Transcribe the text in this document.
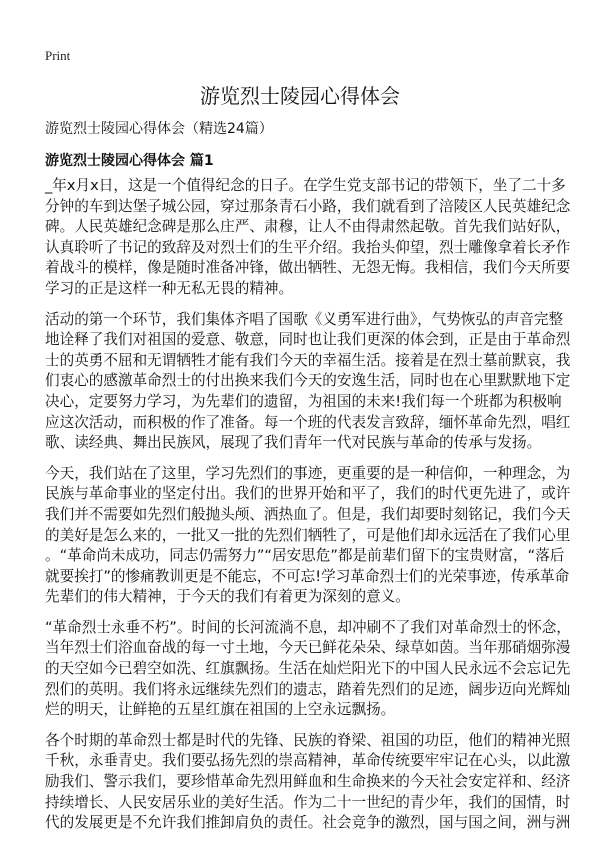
Print
游览烈士陵园心得体会
游览烈士陵园心得体会（精选24篇）
游览烈士陵园心得体会 篇1
_年x月x日，这是一个值得纪念的日子。在学生党支部书记的带领下，坐了二十多
分钟的车到达堡子城公园，穿过那条青石小路，我们就看到了涪陵区人民英雄纪念
碑。人民英雄纪念碑是那么庄严、肃穆，让人不由得肃然起敬。首先我们站好队，
认真聆听了书记的致辞及对烈士们的生平介绍。我抬头仰望，烈士雕像拿着长矛作
着战斗的模样，像是随时准备冲锋，做出牺牲、无怨无悔。我相信，我们今天所要
学习的正是这样一种无私无畏的精神。
活动的第一个环节，我们集体齐唱了国歌《义勇军进行曲》，气势恢弘的声音完整
地诠释了我们对祖国的爱意、敬意，同时也让我们更深的体会到，正是由于革命烈
士的英勇不屈和无谓牺牲才能有我们今天的幸福生活。接着是在烈士墓前默哀，我
们衷心的感激革命烈士的付出换来我们今天的安逸生活，同时也在心里默默地下定
决心，定要努力学习，为先辈们的遗留，为祖国的未来!我们每一个班都为积极响
应这次活动，而积极的作了准备。每一个班的代表发言致辞，缅怀革命先烈，唱红
歌、读经典、舞出民族风，展现了我们青年一代对民族与革命的传承与发扬。
今天，我们站在了这里，学习先烈们的事迹，更重要的是一种信仰，一种理念，为
民族与革命事业的坚定付出。我们的世界开始和平了，我们的时代更先进了，或许
我们并不需要如先烈们般抛头颅、洒热血了。但是，我们却要时刻铭记，我们今天
的美好是怎么来的，一批又一批的先烈们牺牲了，可是他们却永远活在了我们心里
。“革命尚未成功，同志仍需努力”“居安思危”都是前辈们留下的宝贵财富，“落后
就要挨打”的惨痛教训更是不能忘，不可忘!学习革命烈士们的光荣事迹，传承革命
先辈们的伟大精神，于今天的我们有着更为深刻的意义。
“革命烈士永垂不朽”。时间的长河流淌不息，却冲刷不了我们对革命烈士的怀念，
当年烈士们浴血奋战的每一寸土地，今天已鲜花朵朵、绿草如茵。当年那硝烟弥漫
的天空如今已碧空如洗、红旗飘扬。生活在灿烂阳光下的中国人民永远不会忘记先
烈们的英明。我们将永远继续先烈们的遗志，踏着先烈们的足迹，阔步迈向光辉灿
烂的明天，让鲜艳的五星红旗在祖国的上空永远飘扬。
各个时期的革命烈士都是时代的先锋、民族的脊梁、祖国的功臣，他们的精神光照
千秋，永垂青史。我们要弘扬先烈的崇高精神，革命传统要牢牢记在心头，以此激
励我们、警示我们，要珍惜革命先烈用鲜血和生命换来的今天社会安定祥和、经济
持续增长、人民安居乐业的美好生活。作为二十一世纪的青少年，我们的国情，时
代的发展更是不允许我们推卸肩负的责任。社会竞争的激烈，国与国之间，洲与洲
